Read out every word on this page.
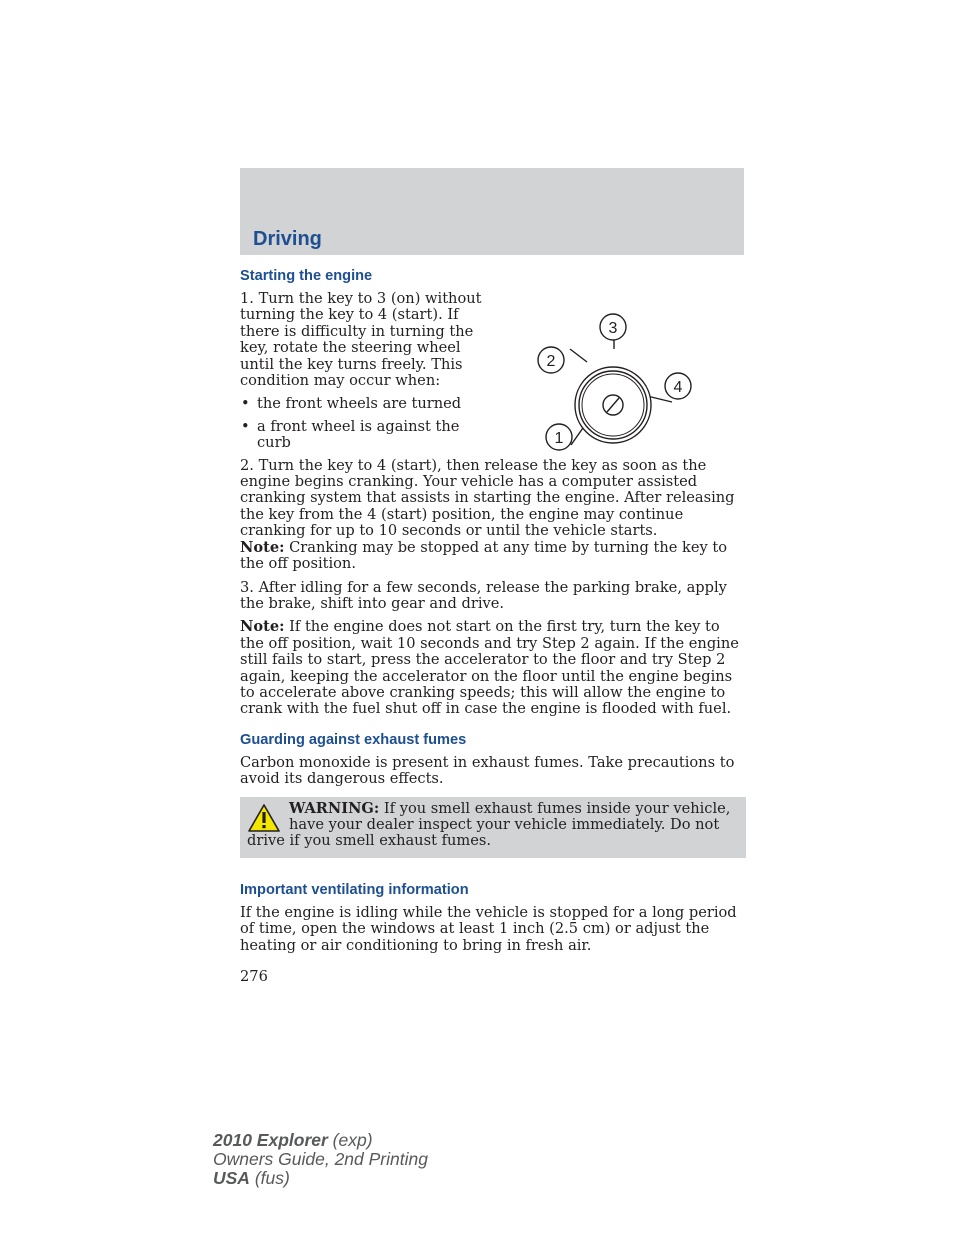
Driving
Starting the engine
3
2
4
1

1. Turn the key to 3 (on) without turning the key to 4 (start). If there is difficulty in turning the key, rotate the steering wheel until the key turns freely. This condition may occur when:

• the front wheels are turned
• a front wheel is against the curb

2. Turn the key to 4 (start), then release the key as soon as the engine begins cranking. Your vehicle has a computer assisted cranking system that assists in starting the engine. After releasing the key from the 4 (start) position, the engine may continue cranking for up to 10 seconds or until the vehicle starts.

Note: Cranking may be stopped at any time by turning the key to the off position.

3. After idling for a few seconds, release the parking brake, apply the brake, shift into gear and drive.

Note: If the engine does not start on the first try, turn the key to the off position, wait 10 seconds and try Step 2 again. If the engine still fails to start, press the accelerator to the floor and try Step 2 again, keeping the accelerator on the floor until the engine begins to accelerate above cranking speeds; this will allow the engine to crank with the fuel shut off in case the engine is flooded with fuel.

Guarding against exhaust fumes

Carbon monoxide is present in exhaust fumes. Take precautions to avoid its dangerous effects.

WARNING: If you smell exhaust fumes inside your vehicle, have your dealer inspect your vehicle immediately. Do not drive if you smell exhaust fumes.
Important ventilating information

If the engine is idling while the vehicle is stopped for a long period of time, open the windows at least 1 inch (2.5 cm) or adjust the heating or air conditioning to bring in fresh air.

276
2010 Explorer (exp)
Owners Guide, 2nd Printing
USA (fus)
